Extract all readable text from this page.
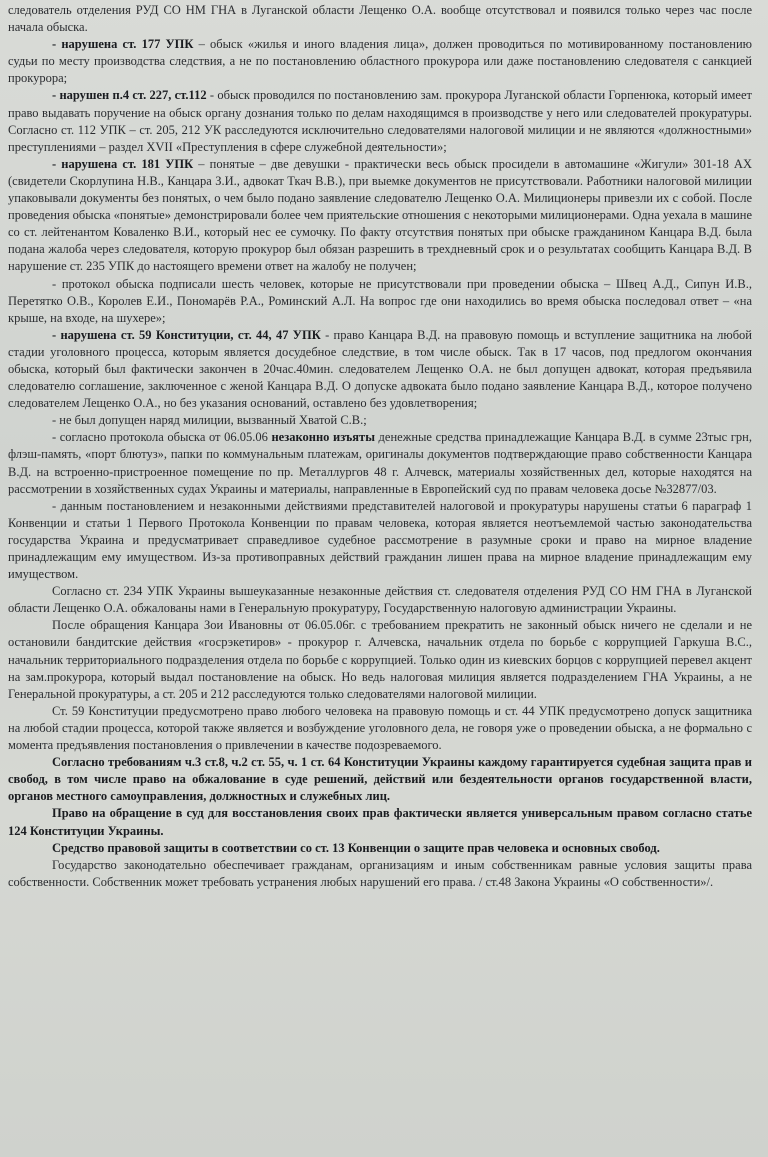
следователь отделения РУД СО НМ ГНА в Луганской области Лещенко О.А. вообще отсутствовал и появился только через час после начала обыска.

- нарушена ст. 177 УПК – обыск «жилья и иного владения лица», должен проводиться по мотивированному постановлению судьи по месту производства следствия, а не по постановлению областного прокурора или даже постановлению следователя с санкцией прокурора;

- нарушен п.4 ст. 227, ст.112 - обыск проводился по постановлению зам. прокурора Луганской области Горпенюка, который имеет право выдавать поручение на обыск органу дознания только по делам находящимся в производстве у него или следователей прокуратуры. Согласно ст. 112 УПК – ст. 205, 212 УК расследуются исключительно следователями налоговой милиции и не являются «должностными» преступлениями – раздел XVII «Преступления в сфере служебной деятельности»;

- нарушена ст. 181 УПК – понятые – две девушки - практически весь обыск просидели в автомашине «Жигули» 301-18 АХ (свидетели Скорлупина Н.В., Канцара З.И., адвокат Ткач В.В.), при выемке документов не присутствовали. Работники налоговой милиции упаковывали документы без понятых, о чем было подано заявление следователю Лещенко О.А. Милиционеры привезли их с собой. После проведения обыска «понятые» демонстрировали более чем приятельские отношения с некоторыми милиционерами. Одна уехала в машине со ст. лейтенантом Коваленко В.И., который нес ее сумочку. По факту отсутствия понятых при обыске гражданином Канцара В.Д. была подана жалоба через следователя, которую прокурор был обязан разрешить в трехдневный срок и о результатах сообщить Канцара В.Д. В нарушение ст. 235 УПК до настоящего времени ответ на жалобу не получен;

- протокол обыска подписали шесть человек, которые не присутствовали при проведении обыска – Швец А.Д., Сипун И.В., Перетятко О.В., Королев Е.И., Пономарёв Р.А., Роминский А.Л. На вопрос где они находились во время обыска последовал ответ – «на крыше, на входе, на шухере»;

- нарушена ст. 59 Конституции, ст. 44, 47 УПК - право Канцара В.Д. на правовую помощь и вступление защитника на любой стадии уголовного процесса, которым является досудебное следствие, в том числе обыск. Так в 17 часов, под предлогом окончания обыска, который был фактически закончен в 20час.40мин. следователем Лещенко О.А. не был допущен адвокат, которая предъявила следователю соглашение, заключенное с женой Канцара В.Д. О допуске адвоката было подано заявление Канцара В.Д., которое получено следователем Лещенко О.А., но без указания оснований, оставлено без удовлетворения;

- не был допущен наряд милиции, вызванный Хватой С.В.;

- согласно протокола обыска от 06.05.06 незаконно изъяты денежные средства принадлежащие Канцара В.Д. в сумме 23тыс грн, флэш-память, «порт блютуз», папки по коммунальным платежам, оригиналы документов подтверждающие право собственности Канцара В.Д. на встроенно-пристроенное помещение по пр. Металлургов 48 г. Алчевск, материалы хозяйственных дел, которые находятся на рассмотрении в хозяйственных судах Украины и материалы, направленные в Европейский суд по правам человека досье №32877/03.

- данным постановлением и незаконными действиями представителей налоговой и прокуратуры нарушены статьи 6 параграф 1 Конвенции и статьи 1 Первого Протокола Конвенции по правам человека, которая является неотъемлемой частью законодательства государства Украина и предусматривает справедливое судебное рассмотрение в разумные сроки и право на мирное владение принадлежащим ему имуществом. Из-за противоправных действий гражданин лишен права на мирное владение принадлежащим ему имуществом.

Согласно ст. 234 УПК Украины вышеуказанные незаконные действия ст. следователя отделения РУД СО НМ ГНА в Луганской области Лещенко О.А. обжалованы нами в Генеральную прокуратуру, Государственную налоговую администрации Украины.

После обращения Канцара Зои Ивановны от 06.05.06г. с требованием прекратить не законный обыск ничего не сделали и не остановили бандитские действия «госрэкетиров» - прокурор г. Алчевска, начальник отдела по борьбе с коррупцией Гаркуша В.С., начальник территориального подразделения отдела по борьбе с коррупцией. Только один из киевских борцов с коррупцией перевел акцент на зам.прокурора, который выдал постановление на обыск. Но ведь налоговая милиция является подразделением ГНА Украины, а не Генеральной прокуратуры, а ст. 205 и 212 расследуются только следователями налоговой милиции.

Ст. 59 Конституции предусмотрено право любого человека на правовую помощь и ст. 44 УПК предусмотрено допуск защитника на любой стадии процесса, которой также является и возбуждение уголовного дела, не говоря уже о проведении обыска, а не формально с момента предъявления постановления о привлечении в качестве подозреваемого.

Согласно требованиям ч.3 ст.8, ч.2 ст. 55, ч. 1 ст. 64 Конституции Украины каждому гарантируется судебная защита прав и свобод, в том числе право на обжалование в суде решений, действий или бездеятельности органов государственной власти, органов местного самоуправления, должностных и служебных лиц.

Право на обращение в суд для восстановления своих прав фактически является универсальным правом согласно статье 124 Конституции Украины.

Средство правовой защиты в соответствии со ст. 13 Конвенции о защите прав человека и основных свобод.

Государство законодательно обеспечивает гражданам, организациям и иным собственникам равные условия защиты права собственности. Собственник может требовать устранения любых нарушений его права. / ст.48 Закона Украины «О собственности»/.
